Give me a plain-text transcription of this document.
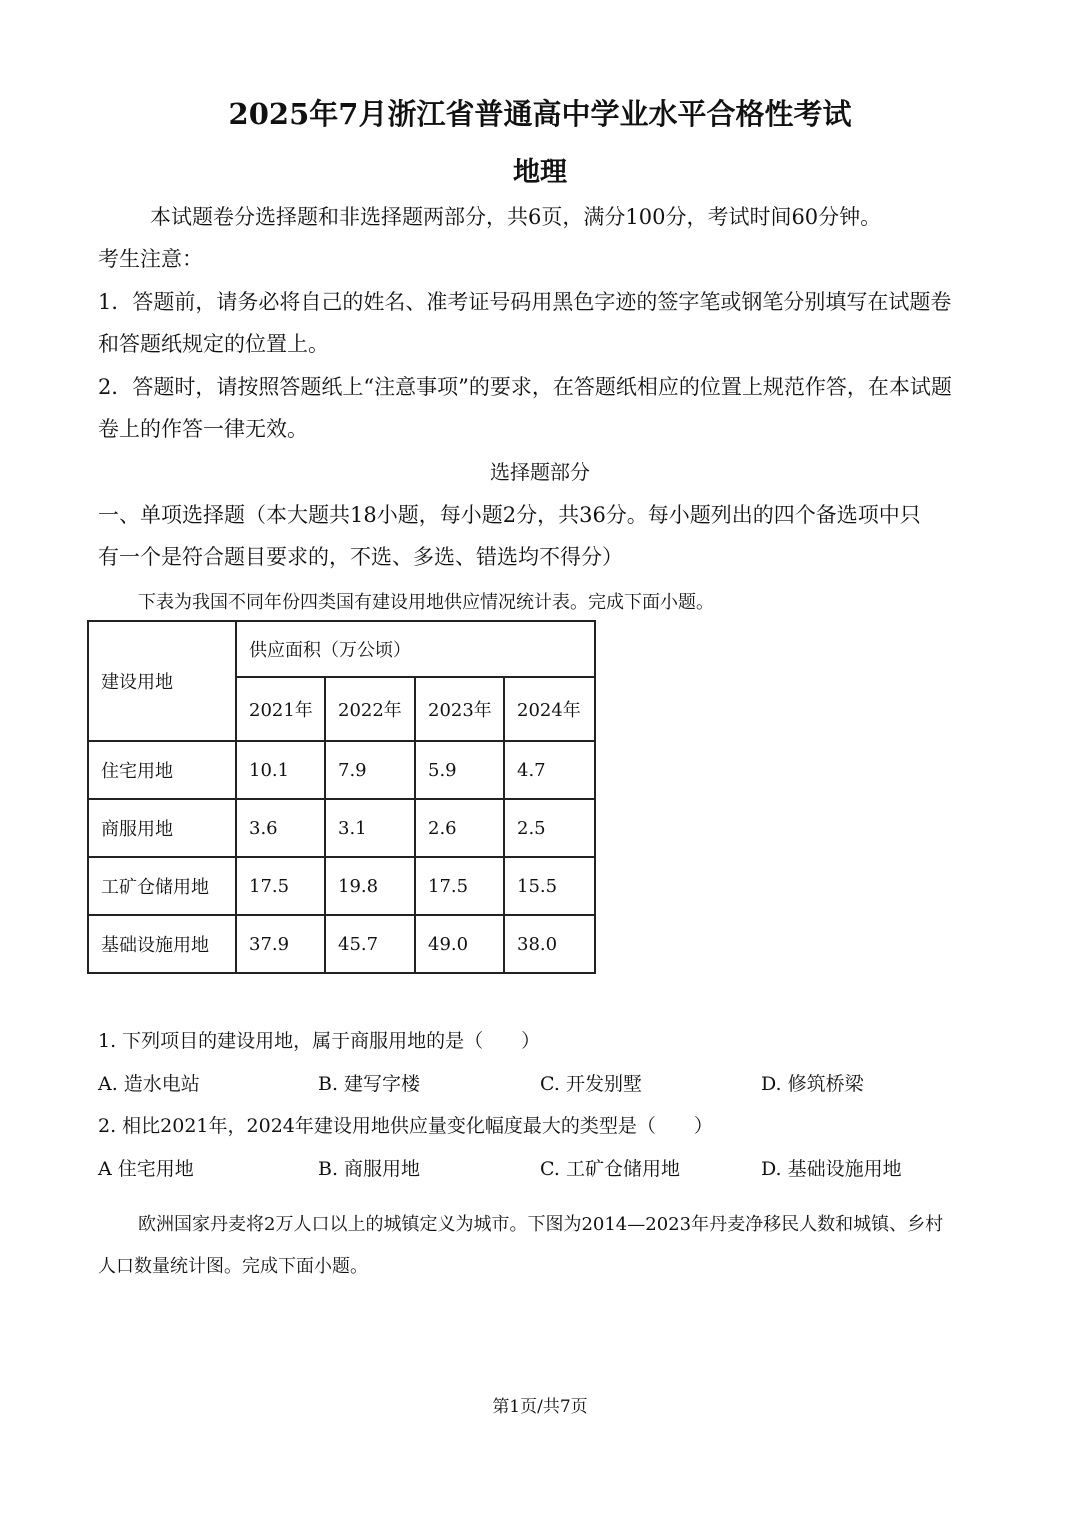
2025年7月浙江省普通高中学业水平合格性考试
地理
本试题卷分选择题和非选择题两部分，共6页，满分100分，考试时间60分钟。
考生注意：
1．答题前，请务必将自己的姓名、准考证号码用黑色字迹的签字笔或钢笔分别填写在试题卷
和答题纸规定的位置上。
2．答题时，请按照答题纸上“注意事项”的要求，在答题纸相应的位置上规范作答，在本试题
卷上的作答一律无效。
选择题部分
一、单项选择题（本大题共18小题，每小题2分，共36分。每小题列出的四个备选项中只
有一个是符合题目要求的，不选、多选、错选均不得分）
下表为我国不同年份四类国有建设用地供应情况统计表。完成下面小题。
建设用地	供应面积（万公顷）			
	2021年	2022年	2023年	2024年
住宅用地	10.1	7.9	5.9	4.7
商服用地	3.6	3.1	2.6	2.5
工矿仓储用地	17.5	19.8	17.5	15.5
基础设施用地	37.9	45.7	49.0	38.0
1. 下列项目的建设用地，属于商服用地的是（　　）
A. 造水电站	B. 建写字楼	C. 开发别墅	D. 修筑桥梁
2. 相比2021年，2024年建设用地供应量变化幅度最大的类型是（　　）
A 住宅用地	B. 商服用地	C. 工矿仓储用地	D. 基础设施用地
欧洲国家丹麦将2万人口以上的城镇定义为城市。下图为2014—2023年丹麦净移民人数和城镇、乡村
人口数量统计图。完成下面小题。
第1页/共7页
